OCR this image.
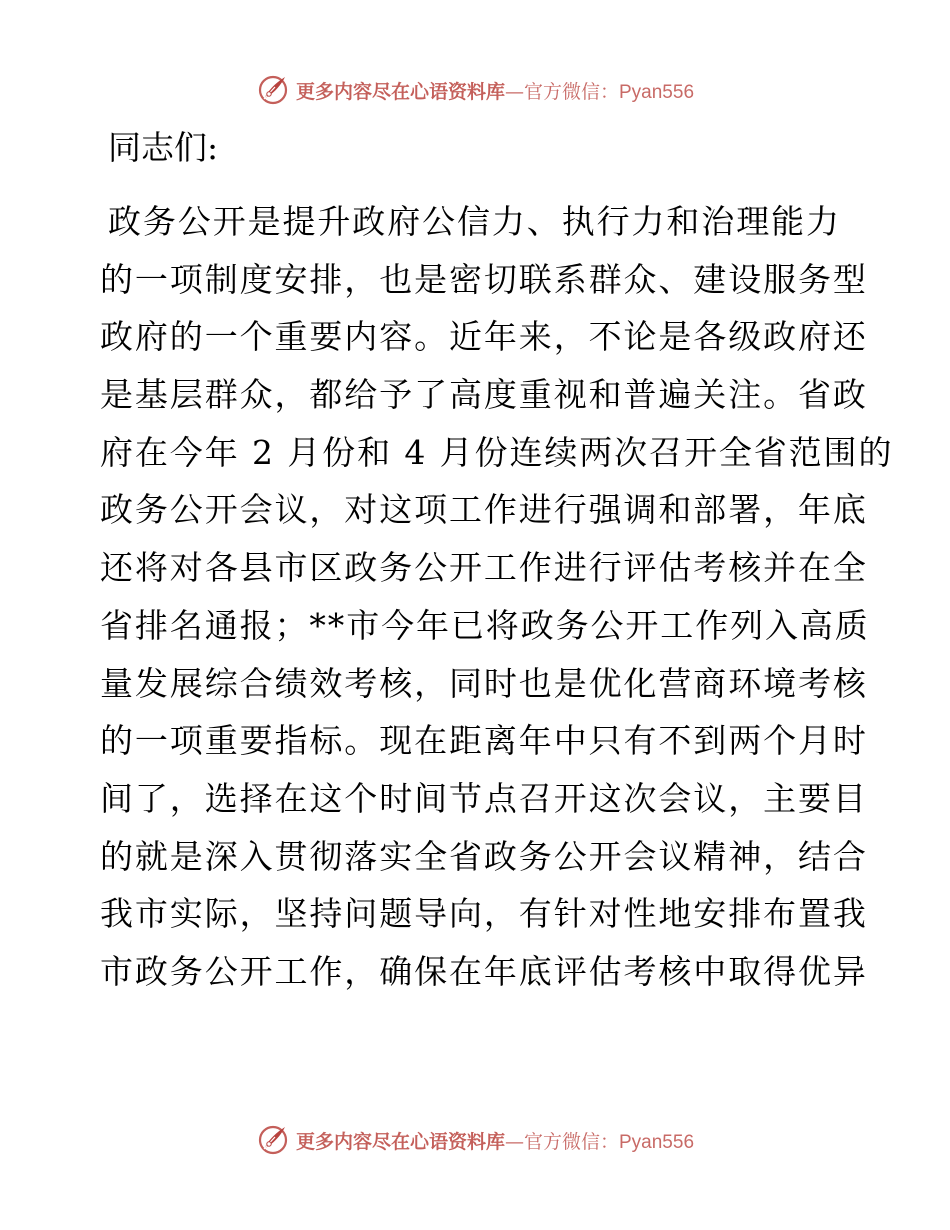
更多内容尽在心语资料库—官方微信：Pyan556
同志们:
政务公开是提升政府公信力、执行力和治理能力
的一项制度安排，也是密切联系群众、建设服务型
政府的一个重要内容。近年来，不论是各级政府还
是基层群众，都给予了高度重视和普遍关注。省政
府在今年 2 月份和 4 月份连续两次召开全省范围的
政务公开会议，对这项工作进行强调和部署，年底
还将对各县市区政务公开工作进行评估考核并在全
省排名通报；**市今年已将政务公开工作列入高质
量发展综合绩效考核，同时也是优化营商环境考核
的一项重要指标。现在距离年中只有不到两个月时
间了，选择在这个时间节点召开这次会议，主要目
的就是深入贯彻落实全省政务公开会议精神，结合
我市实际，坚持问题导向，有针对性地安排布置我
市政务公开工作，确保在年底评估考核中取得优异
更多内容尽在心语资料库—官方微信：Pyan556
